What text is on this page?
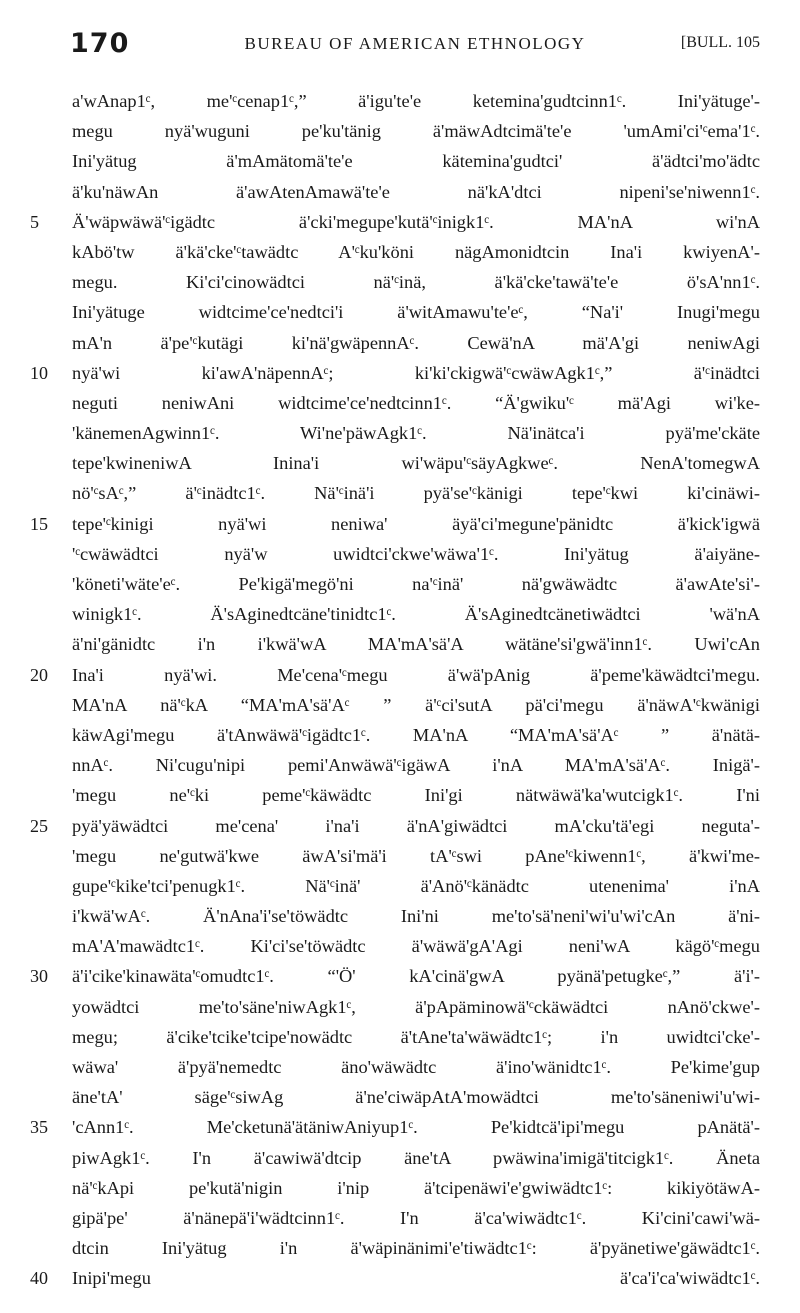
170	BUREAU OF AMERICAN ETHNOLOGY	[BULL. 105
a'wAnap1ᶜ, me'ᶜcenap1ᶜ,” ä'igu'te'e ketemina'gudtcinn1ᶜ. Ini'yätuge'-
megu nyä'wuguni pe'ku'tänig ä'mäwAdtcimä'te'e 'umAmi'ci'ᶜema'1ᶜ.
Ini'yätug ä'mAmätomä'te'e kätemina'gudtci' ä'ädtci'mo'ädtc
ä'ku'näwAn ä'awAtenAmawä'te'e nä'kA'dtci nipeni'se'niwenn1ᶜ.
5	Ä'wäpwäwä'ᶜigädtc ä'cki'megupe'kutä'ᶜinigk1ᶜ. MA'nA wi'nA
kAbö'tw ä'kä'cke'ᶜtawädtc A'ᶜku'köni nägAmonidtcin Ina'i kwiyenA'-
megu. Ki'ci'cinowädtci nä'ᶜinä, ä'kä'cke'tawä'te'e ö'sA'nn1ᶜ.
Ini'yätuge widtcime'ce'nedtci'i ä'witAmawu'te'eᶜ, “Na'i' Inugi'megu
mA'n ä'pe'ᶜkutägi ki'nä'gwäpennAᶜ. Cewä'nA mä'A'gi neniwAgi
10	nyä'wi ki'awA'näpennAᶜ; ki'ki'ckigwä'ᶜcwäwAgk1ᶜ,” ä'ᶜinädtci
neguti neniwAni widtcime'ce'nedtcinn1ᶜ. “Ä'gwiku'ᶜ mä'Agi wi'ke-
'känemenAgwinn1ᶜ. Wi'ne'päwAgk1ᶜ. Nä'inätca'i pyä'me'ckäte
tepe'kwineniwA Inina'i wi'wäpu'ᶜsäyAgkweᶜ. NenA'tomegwA
nö'ᶜsAᶜ,” ä'ᶜinädtc1ᶜ. Nä'ᶜinä'i pyä'se'ᶜkänigi tepe'ᶜkwi ki'cinäwi-
15	tepe'ᶜkinigi nyä'wi neniwa' äyä'ci'megune'pänidtc ä'kick'igwä
'ᶜcwäwädtci nyä'w uwidtci'ckwe'wäwa'1ᶜ. Ini'yätug ä'aiyäne-
'köneti'wäte'eᶜ. Pe'kigä'megö'ni na'ᶜinä' nä'gwäwädtc ä'awAte'si'-
winigk1ᶜ. Ä'sAginedtcäne'tinidtc1ᶜ. Ä'sAginedtcänetiwädtci 'wä'nA
ä'ni'gänidtc i'n i'kwä'wA MA'mA'sä'A wätäne'si'gwä'inn1ᶜ. Uwi'cAn
20	Ina'i nyä'wi. Me'cena'ᶜmegu ä'wä'pAnig ä'peme'käwädtci'megu.
MA'nA nä'ᶜkA “MA'mA'sä'Aᶜ ” ä'ᶜci'sutA pä'ci'megu ä'näwA'ᶜkwänigi
käwAgi'megu ä'tAnwäwä'ᶜigädtc1ᶜ. MA'nA “MA'mA'sä'Aᶜ ” ä'nätä-
nnAᶜ. Ni'cugu'nipi pemi'Anwäwä'ᶜigäwA i'nA MA'mA'sä'Aᶜ. Inigä'-
'megu ne'ᶜki peme'ᶜkäwädtc Ini'gi nätwäwä'ka'wutcigk1ᶜ. I'ni
25	pyä'yäwädtci me'cena' i'na'i ä'nA'giwädtci mA'cku'tä'egi neguta'-
'megu ne'gutwä'kwe äwA'si'mä'i tA'ᶜswi pAne'ᶜkiwenn1ᶜ, ä'kwi'me-
gupe'ᶜkike'tci'penugk1ᶜ. Nä'ᶜinä' ä'Anö'ᶜkänädtc utenenima' i'nA
i'kwä'wAᶜ. Ä'nAna'i'se'töwädtc Ini'ni me'to'sä'neni'wi'u'wi'cAn ä'ni-
mA'A'mawädtc1ᶜ. Ki'ci'se'töwädtc ä'wäwä'gA'Agi neni'wA kägö'ᶜmegu
30	ä'i'cike'kinawäta'ᶜomudtc1ᶜ. “'Ö' kA'cinä'gwA pyänä'petugkeᶜ,” ä'i'-
yowädtci me'to'säne'niwAgk1ᶜ, ä'pApäminowä'ᶜckäwädtci nAnö'ckwe'-
megu; ä'cike'tcike'tcipe'nowädtc ä'tAne'ta'wäwädtc1ᶜ; i'n uwidtci'cke'-
wäwa' ä'pyä'nemedtc äno'wäwädtc ä'ino'wänidtc1ᶜ. Pe'kime'gup
äne'tA' säge'ᶜsiwAg ä'ne'ciwäpAtA'mowädtci me'to'säneniwi'u'wi-
35	'cAnn1ᶜ. Me'cketunä'ätäniwAniyup1ᶜ. Pe'kidtcä'ipi'megu pAnätä'-
piwAgk1ᶜ. I'n ä'cawiwä'dtcip äne'tA pwäwina'imigä'titcigk1ᶜ. Äneta
nä'ᶜkApi pe'kutä'nigin i'nip ä'tcipenäwi'e'gwiwädtc1ᶜ: kikiyötäwA-
gipä'pe' ä'nänepä'i'wädtcinn1ᶜ. I'n ä'ca'wiwädtc1ᶜ. Ki'cini'cawi'wä-
dtcin Ini'yätug i'n ä'wäpinänimi'e'tiwädtc1ᶜ: ä'pyänetiwe'gäwädtc1ᶜ.
40	Inipi'megu ä'ca'i'ca'wiwädtc1ᶜ.
